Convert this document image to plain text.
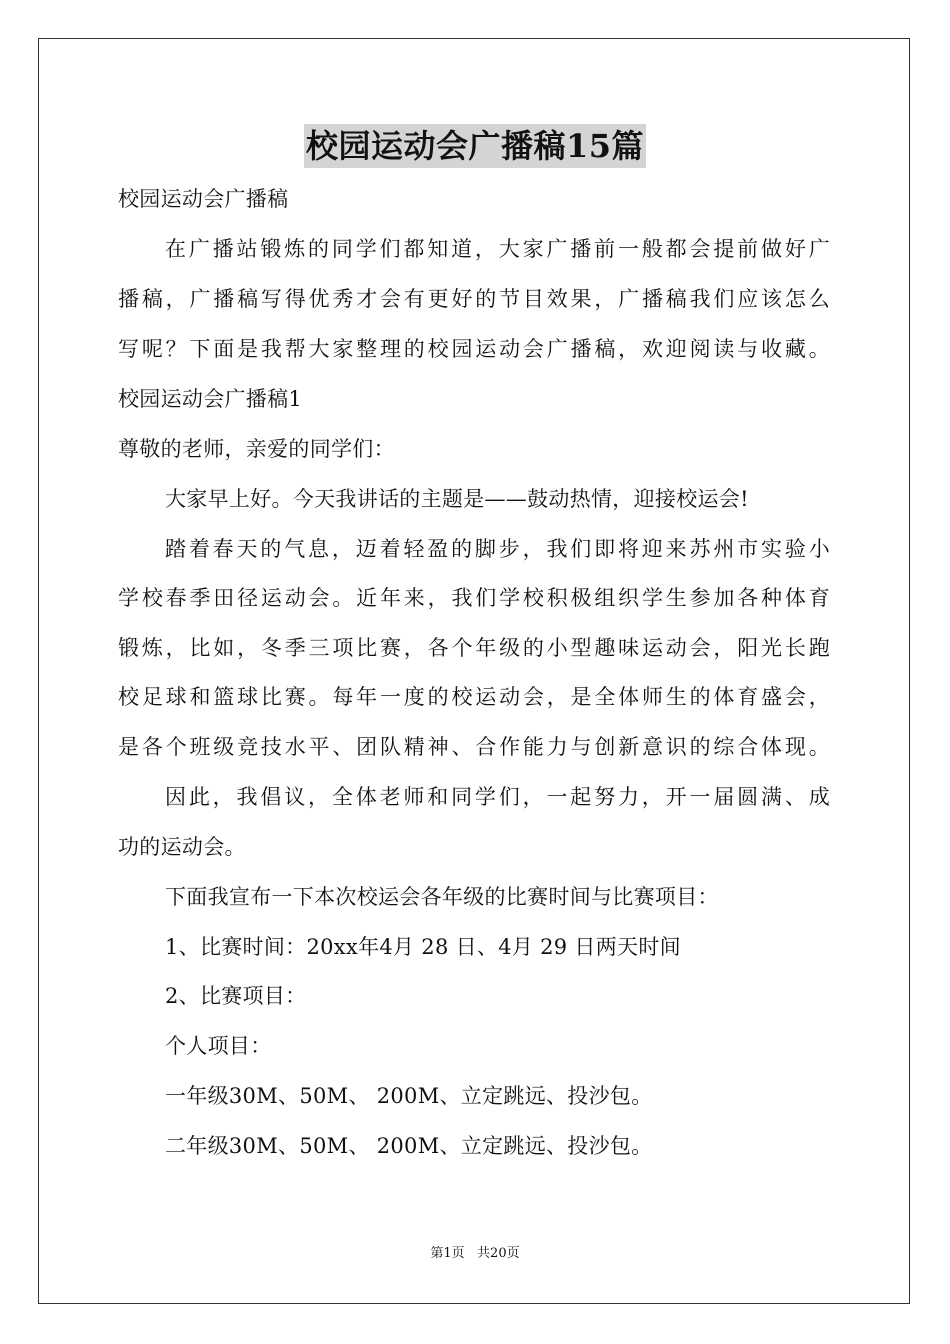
校园运动会广播稿15篇
校园运动会广播稿
在广播站锻炼的同学们都知道，大家广播前一般都会提前做好广
播稿，广播稿写得优秀才会有更好的节目效果，广播稿我们应该怎么
写呢？下面是我帮大家整理的校园运动会广播稿，欢迎阅读与收藏。
校园运动会广播稿1
尊敬的老师，亲爱的同学们：
大家早上好。今天我讲话的主题是——鼓动热情，迎接校运会!
踏着春天的气息，迈着轻盈的脚步，我们即将迎来苏州市实验小
学校春季田径运动会。近年来，我们学校积极组织学生参加各种体育
锻炼，比如，冬季三项比赛，各个年级的小型趣味运动会，阳光长跑
校足球和篮球比赛。每年一度的校运动会，是全体师生的体育盛会，
是各个班级竞技水平、团队精神、合作能力与创新意识的综合体现。
因此，我倡议，全体老师和同学们，一起努力，开一届圆满、成
功的运动会。
下面我宣布一下本次校运会各年级的比赛时间与比赛项目：
1、比赛时间：20xx年4月 28 日、4月 29 日两天时间
2、比赛项目：
个人项目：
一年级30M、50M、 200M、立定跳远、投沙包。
二年级30M、50M、 200M、立定跳远、投沙包。
第1页   共20页
